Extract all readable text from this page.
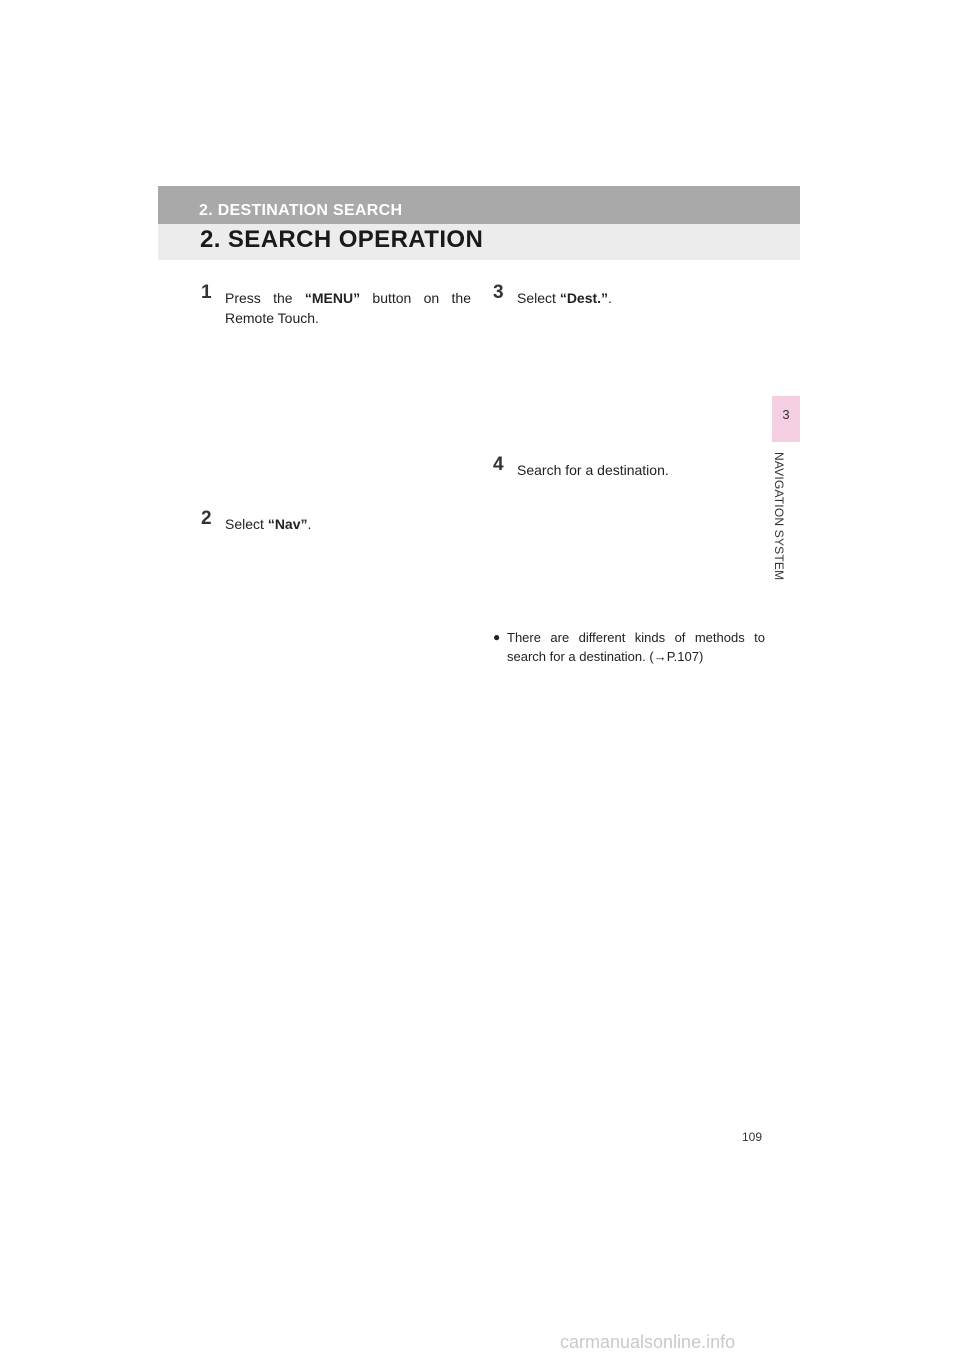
2. DESTINATION SEARCH
2. SEARCH OPERATION
1 Press the “MENU” button on the Remote Touch.
2 Select “Nav”.
3 Select “Dest.”.
4 Search for a destination.
● There are different kinds of methods to search for a destination. (→P.107)
3
NAVIGATION SYSTEM
109
carmanualsonline.info
